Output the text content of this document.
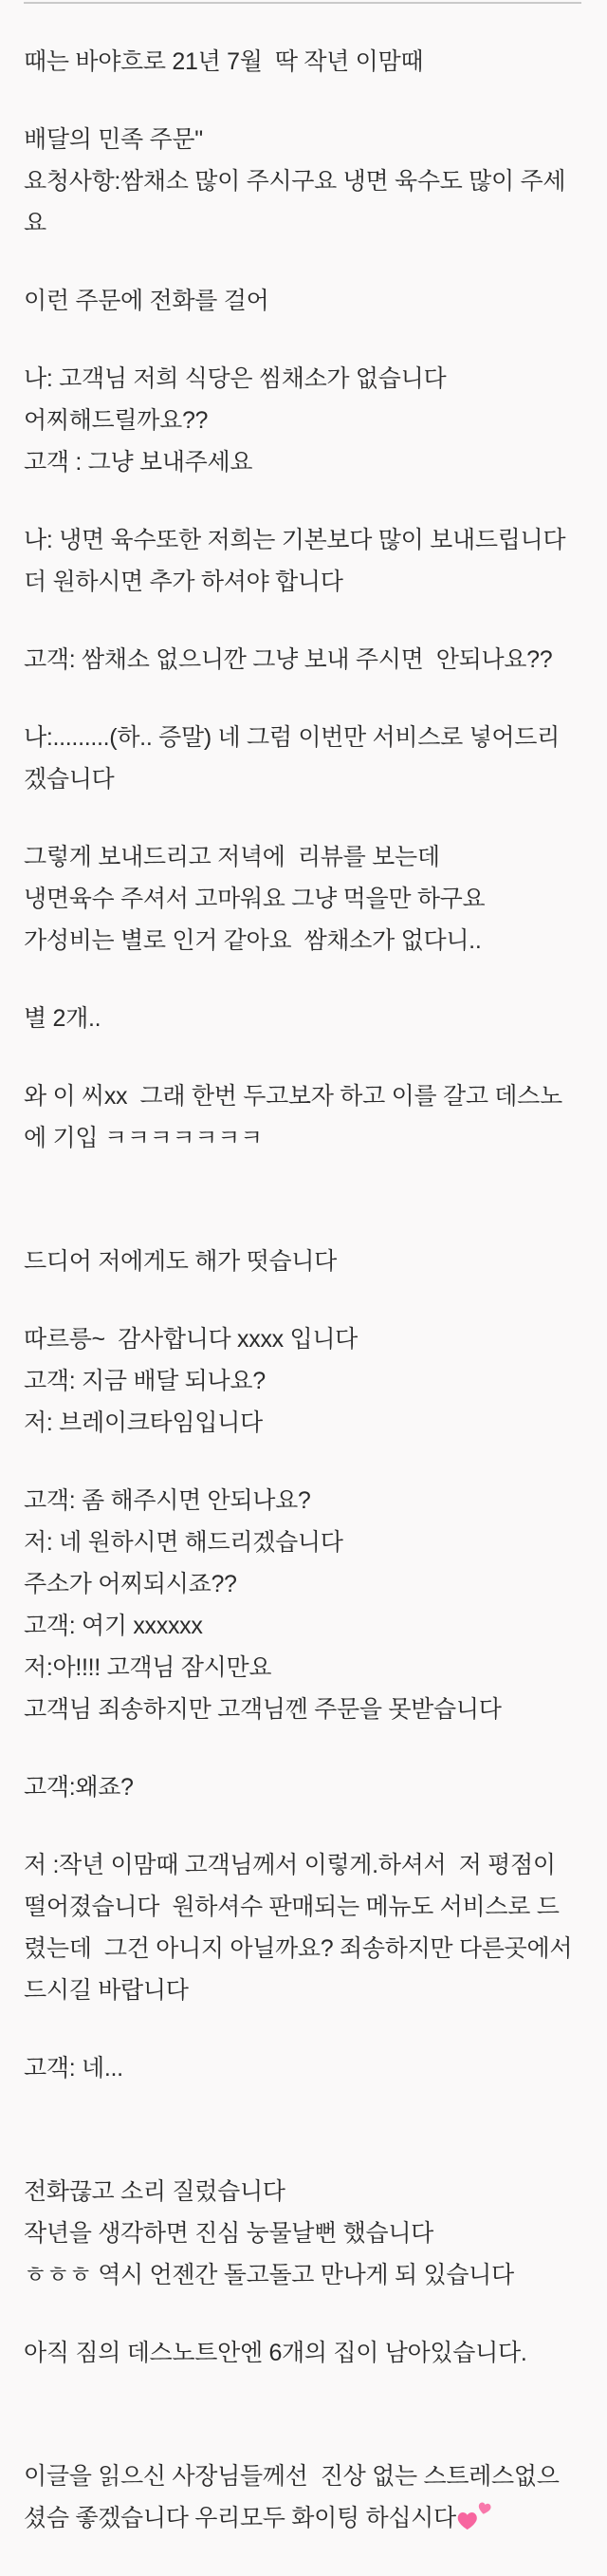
때는 바야흐로 21년 7월  딱 작년 이맘때
배달의 민족 주문"
요청사항:쌈채소 많이 주시구요 냉면 육수도 많이 주세
요
이런 주문에 전화를 걸어
나: 고객님 저희 식당은 씸채소가 없습니다
어찌해드릴까요??
고객 : 그냥 보내주세요
나: 냉면 육수또한 저희는 기본보다 많이 보내드립니다
더 원하시면 추가 하셔야 합니다
고객: 쌈채소 없으니깐 그냥 보내 주시면  안되나요??
나:.........(하.. 증말) 네 그럼 이번만 서비스로 넣어드리
겠습니다
그렇게 보내드리고 저녁에  리뷰를 보는데
냉면육수 주셔서 고마워요 그냥 먹을만 하구요
가성비는 별로 인거 같아요  쌈채소가 없다니..
별 2개..
와 이 씨xx  그래 한번 두고보자 하고 이를 갈고 데스노
에 기입 ㅋㅋㅋㅋㅋㅋㅋ
드디어 저에게도 해가 떳습니다
따르릉~  감사합니다 xxxx 입니다
고객: 지금 배달 되나요?
저: 브레이크타임입니다
고객: 좀 해주시면 안되나요?
저: 네 원하시면 해드리겠습니다
주소가 어찌되시죠??
고객: 여기 xxxxxx
저:아!!!! 고객님 잠시만요
고객님 죄송하지만 고객님껜 주문을 못받습니다
고객:왜죠?
저 :작년 이맘때 고객님께서 이렇게.하셔서  저 평점이
떨어졌습니다  원하셔수 판매되는 메뉴도 서비스로 드
렸는데  그건 아니지 아닐까요? 죄송하지만 다른곳에서
드시길 바랍니다
고객: 네...
전화끊고 소리 질렀습니다
작년을 생각하면 진심 눙물날뻔 했습니다
ㅎㅎㅎ 역시 언젠간 돌고돌고 만나게 되 있습니다
아직 짐의 데스노트안엔 6개의 집이 남아있습니다.
이글을 읽으신 사장님들께선  진상 없는 스트레스없으
셨슴 좋겠습니다 우리모두 화이팅 하십시다
